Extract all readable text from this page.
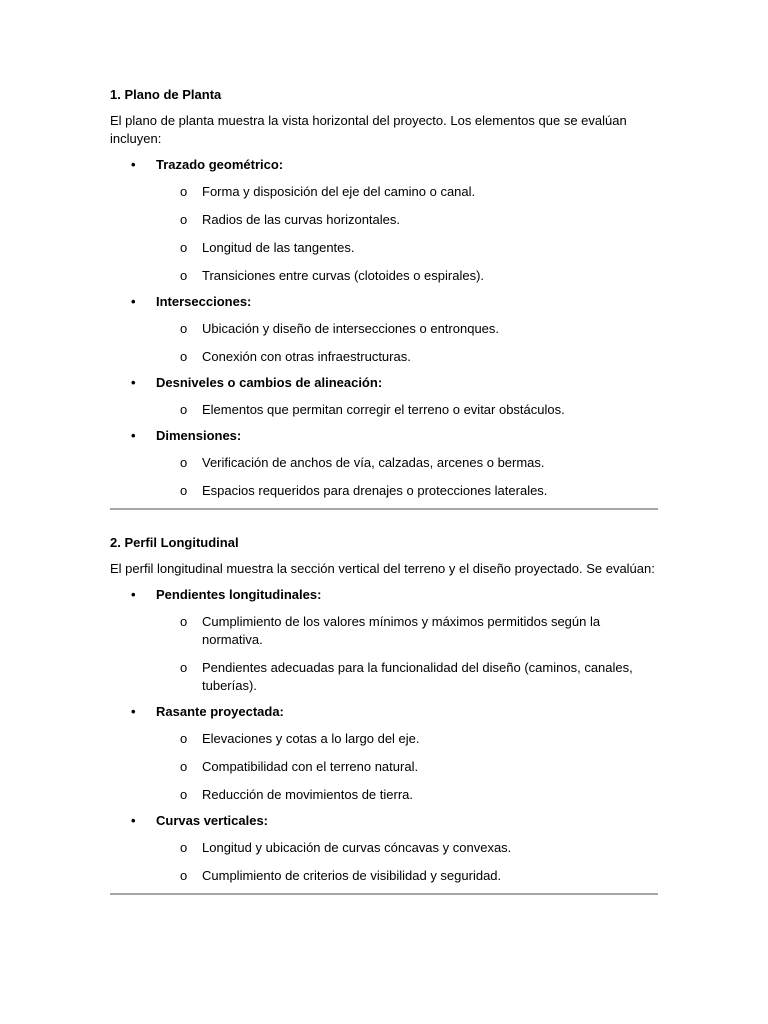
1. Plano de Planta

El plano de planta muestra la vista horizontal del proyecto. Los elementos que se evalúan incluyen:

• Trazado geométrico:
o Forma y disposición del eje del camino o canal.
o Radios de las curvas horizontales.
o Longitud de las tangentes.
o Transiciones entre curvas (clotoides o espirales).
• Intersecciones:
o Ubicación y diseño de intersecciones o entronques.
o Conexión con otras infraestructuras.
• Desniveles o cambios de alineación:
o Elementos que permitan corregir el terreno o evitar obstáculos.
• Dimensiones:
o Verificación de anchos de vía, calzadas, arcenes o bermas.
o Espacios requeridos para drenajes o protecciones laterales.
2. Perfil Longitudinal

El perfil longitudinal muestra la sección vertical del terreno y el diseño proyectado. Se evalúan:

• Pendientes longitudinales:
o Cumplimiento de los valores mínimos y máximos permitidos según la normativa.
o Pendientes adecuadas para la funcionalidad del diseño (caminos, canales, tuberías).
• Rasante proyectada:
o Elevaciones y cotas a lo largo del eje.
o Compatibilidad con el terreno natural.
o Reducción de movimientos de tierra.
• Curvas verticales:
o Longitud y ubicación de curvas cóncavas y convexas.
o Cumplimiento de criterios de visibilidad y seguridad.
